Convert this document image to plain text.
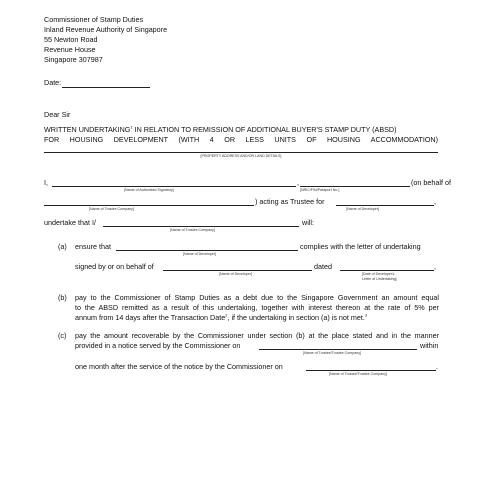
Commissioner of Stamp Duties
Inland Revenue Authority of Singapore
55 Newton Road
Revenue House
Singapore 307987
Date:
Dear Sir
WRITTEN UNDERTAKING$^1$ IN RELATION TO REMISSION OF ADDITIONAL BUYER'S STAMP DUTY (ABSD)
FOR HOUSING DEVELOPMENT (WITH 4 OR LESS UNITS OF HOUSING ACCOMMODATION)
[PROPERTY ADDRESS AND/OR LAND DETAILS]
I,	,	(on behalf of
[Name of Authorised Signatory]	[NRIC/FIN/Passport No.]
) acting as Trustee for	,
[Name of Trustee Company]	[Name of Developer]
undertake that I/	will:
[Name of Trustee Company]
(a) ensure that	complies with the letter of undertaking
[Name of Developer]
signed by or on behalf of	dated	,
[Name of Developer]	[Date of Developer's
Letter of Undertaking]
(b) pay to the Commissioner of Stamp Duties as a debt due to the Singapore Government an amount equal
to the ABSD remitted as a result of this undertaking, together with interest thereon at the rate of 5% per
annum from 14 days after the Transaction Date$^2$, if the undertaking in section (a) is not met.$^3$
(c) pay the amount recoverable by the Commissioner under section (b) at the place stated and in the manner
provided in a notice served by the Commissioner on	within
[Name of Trustee/Trustee Company]
one month after the service of the notice by the Commissioner on	.
[Name of Trustee/Trustee Company]
